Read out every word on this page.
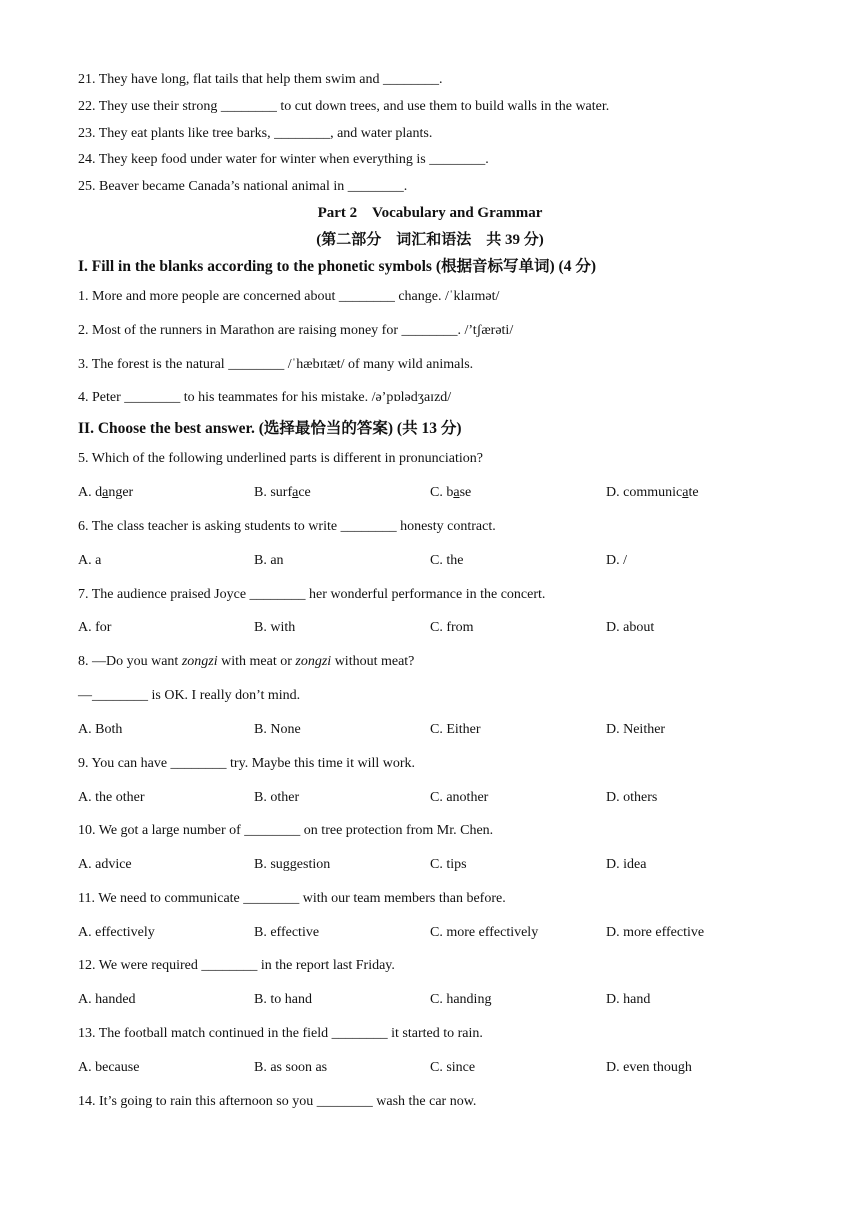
21. They have long, flat tails that help them swim and ________.
22. They use their strong ________ to cut down trees, and use them to build walls in the water.
23. They eat plants like tree barks, ________, and water plants.
24. They keep food under water for winter when everything is ________.
25. Beaver became Canada’s national animal in ________.
Part 2 Vocabulary and Grammar
(第二部分　词汇和语法　共 39 分)
I. Fill in the blanks according to the phonetic symbols (根据音标写单词) (4 分)
1. More and more people are concerned about ________ change. /ˈklaɪmət/
2. Most of the runners in Marathon are raising money for ________. /’tʃærəti/
3. The forest is the natural ________ /ˈhæbɪtæt/ of many wild animals.
4. Peter ________ to his teammates for his mistake. /ə’pɒlədʒaɪzd/
II. Choose the best answer. (选择最恰当的答案) (共 13 分)
5. Which of the following underlined parts is different in pronunciation?
A. danger	B. surface	C. base	D. communicate
6. The class teacher is asking students to write ________ honesty contract.
A. a	B. an	C. the	D. /
7. The audience praised Joyce ________ her wonderful performance in the concert.
A. for	B. with	C. from	D. about
8. —Do you want zongzi with meat or zongzi without meat?
—________ is OK. I really don’t mind.
A. Both	B. None	C. Either	D. Neither
9. You can have ________ try. Maybe this time it will work.
A. the other	B. other	C. another	D. others
10. We got a large number of ________ on tree protection from Mr. Chen.
A. advice	B. suggestion	C. tips	D. idea
11. We need to communicate ________ with our team members than before.
A. effectively	B. effective	C. more effectively	D. more effective
12. We were required ________ in the report last Friday.
A. handed	B. to hand	C. handing	D. hand
13. The football match continued in the field ________ it started to rain.
A. because	B. as soon as	C. since	D. even though
14. It’s going to rain this afternoon so you ________ wash the car now.
